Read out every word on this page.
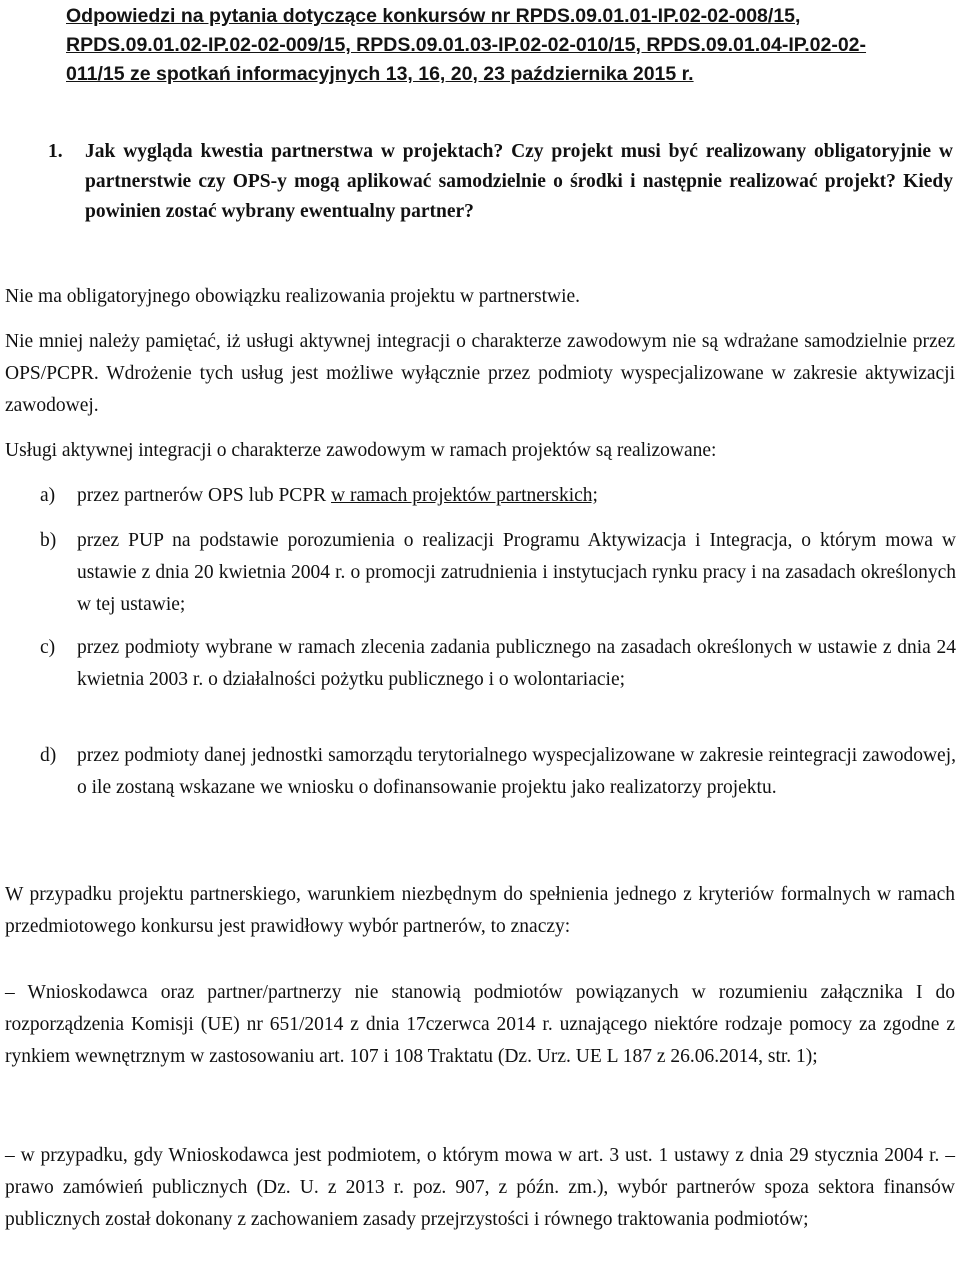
Odpowiedzi na pytania dotyczące konkursów nr RPDS.09.01.01-IP.02-02-008/15,
RPDS.09.01.02-IP.02-02-009/15, RPDS.09.01.03-IP.02-02-010/15, RPDS.09.01.04-IP.02-02-
011/15 ze spotkań informacyjnych 13, 16, 20, 23 października 2015 r.
1. Jak wygląda kwestia partnerstwa w projektach? Czy projekt musi być realizowany obligatoryjnie w partnerstwie czy OPS-y mogą aplikować samodzielnie o środki i następnie realizować projekt? Kiedy powinien zostać wybrany ewentualny partner?
Nie ma obligatoryjnego obowiązku realizowania projektu w partnerstwie.
Nie mniej należy pamiętać, iż usługi aktywnej integracji o charakterze zawodowym nie są wdrażane samodzielnie przez OPS/PCPR. Wdrożenie tych usług jest możliwe wyłącznie przez podmioty wyspecjalizowane w zakresie aktywizacji zawodowej.
Usługi aktywnej integracji o charakterze zawodowym w ramach projektów są realizowane:
a) przez partnerów OPS lub PCPR w ramach projektów partnerskich;
b) przez PUP na podstawie porozumienia o realizacji Programu Aktywizacja i Integracja, o którym mowa w ustawie z dnia 20 kwietnia 2004 r. o promocji zatrudnienia i instytucjach rynku pracy i na zasadach określonych w tej ustawie;
c) przez podmioty wybrane w ramach zlecenia zadania publicznego na zasadach określonych w ustawie z dnia 24 kwietnia 2003 r. o działalności pożytku publicznego i o wolontariacie;
d) przez podmioty danej jednostki samorządu terytorialnego wyspecjalizowane w zakresie reintegracji zawodowej, o ile zostaną wskazane we wniosku o dofinansowanie projektu jako realizatorzy projektu.
W przypadku projektu partnerskiego, warunkiem niezbędnym do spełnienia jednego z kryteriów formalnych w ramach przedmiotowego konkursu jest prawidłowy wybór partnerów, to znaczy:
– Wnioskodawca oraz partner/partnerzy nie stanowią podmiotów powiązanych w rozumieniu załącznika I do rozporządzenia Komisji (UE) nr 651/2014 z dnia 17czerwca 2014 r. uznającego niektóre rodzaje pomocy za zgodne z rynkiem wewnętrznym w zastosowaniu art. 107 i 108 Traktatu (Dz. Urz. UE L 187 z 26.06.2014, str. 1);
– w przypadku, gdy Wnioskodawca jest podmiotem, o którym mowa w art. 3 ust. 1 ustawy z dnia 29 stycznia 2004 r. – prawo zamówień publicznych (Dz. U. z 2013 r. poz. 907, z późn. zm.), wybór partnerów spoza sektora finansów publicznych został dokonany z zachowaniem zasady przejrzystości i równego traktowania podmiotów;
